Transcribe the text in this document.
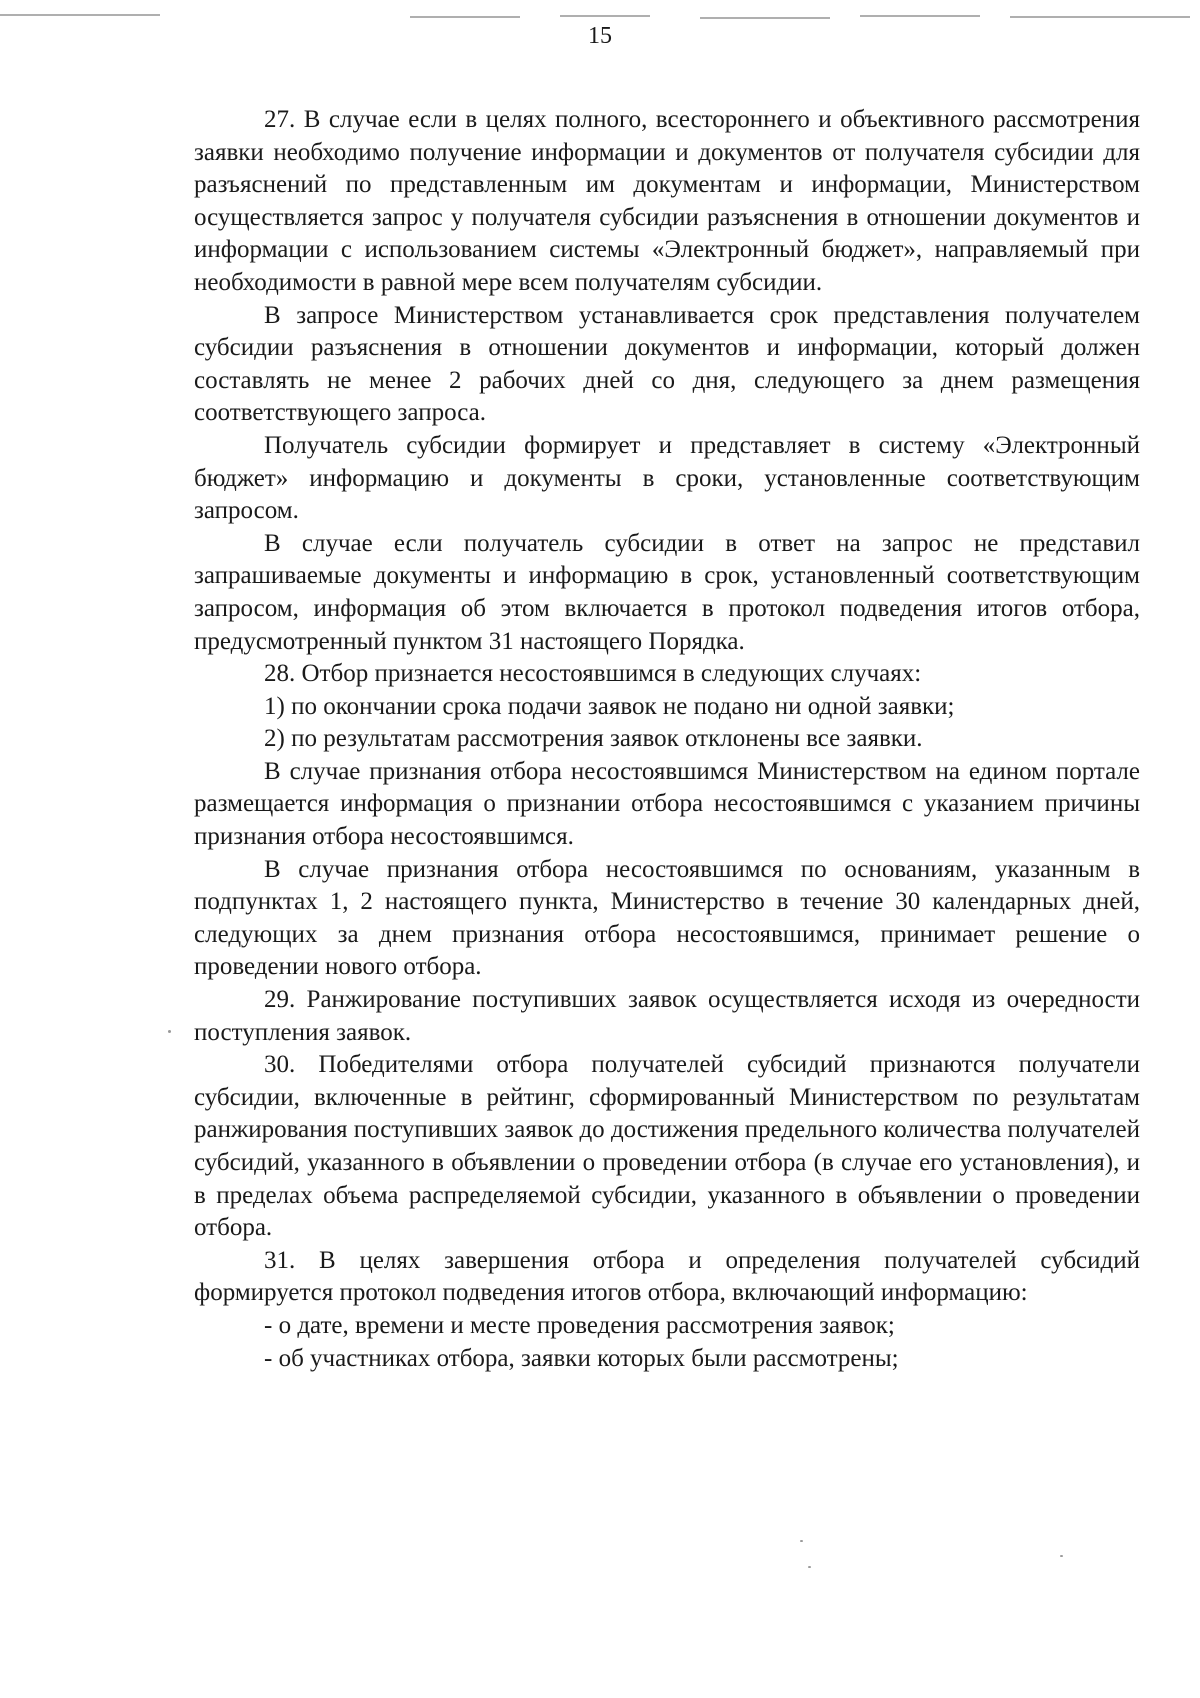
15

27. В случае если в целях полного, всестороннего и объективного рассмотрения заявки необходимо получение информации и документов от получателя субсидии для разъяснений по представленным им документам и информации, Министерством осуществляется запрос у получателя субсидии разъяснения в отношении документов и информации с использованием системы «Электронный бюджет», направляемый при необходимости в равной мере всем получателям субсидии.

В запросе Министерством устанавливается срок представления получателем субсидии разъяснения в отношении документов и информации, который должен составлять не менее 2 рабочих дней со дня, следующего за днем размещения соответствующего запроса.

Получатель субсидии формирует и представляет в систему «Электронный бюджет» информацию и документы в сроки, установленные соответствующим запросом.

В случае если получатель субсидии в ответ на запрос не представил запрашиваемые документы и информацию в срок, установленный соответствующим запросом, информация об этом включается в протокол подведения итогов отбора, предусмотренный пунктом 31 настоящего Порядка.

28. Отбор признается несостоявшимся в следующих случаях:

1) по окончании срока подачи заявок не подано ни одной заявки;

2) по результатам рассмотрения заявок отклонены все заявки.

В случае признания отбора несостоявшимся Министерством на едином портале размещается информация о признании отбора несостоявшимся с указанием причины признания отбора несостоявшимся.

В случае признания отбора несостоявшимся по основаниям, указанным в подпунктах 1, 2 настоящего пункта, Министерство в течение 30 календарных дней, следующих за днем признания отбора несостоявшимся, принимает решение о проведении нового отбора.

29. Ранжирование поступивших заявок осуществляется исходя из очередности поступления заявок.

30. Победителями отбора получателей субсидий признаются получатели субсидии, включенные в рейтинг, сформированный Министерством по результатам ранжирования поступивших заявок до достижения предельного количества получателей субсидий, указанного в объявлении о проведении отбора (в случае его установления), и в пределах объема распределяемой субсидии, указанного в объявлении о проведении отбора.

31. В целях завершения отбора и определения получателей субсидий формируется протокол подведения итогов отбора, включающий информацию:

- о дате, времени и месте проведения рассмотрения заявок;

- об участниках отбора, заявки которых были рассмотрены;
